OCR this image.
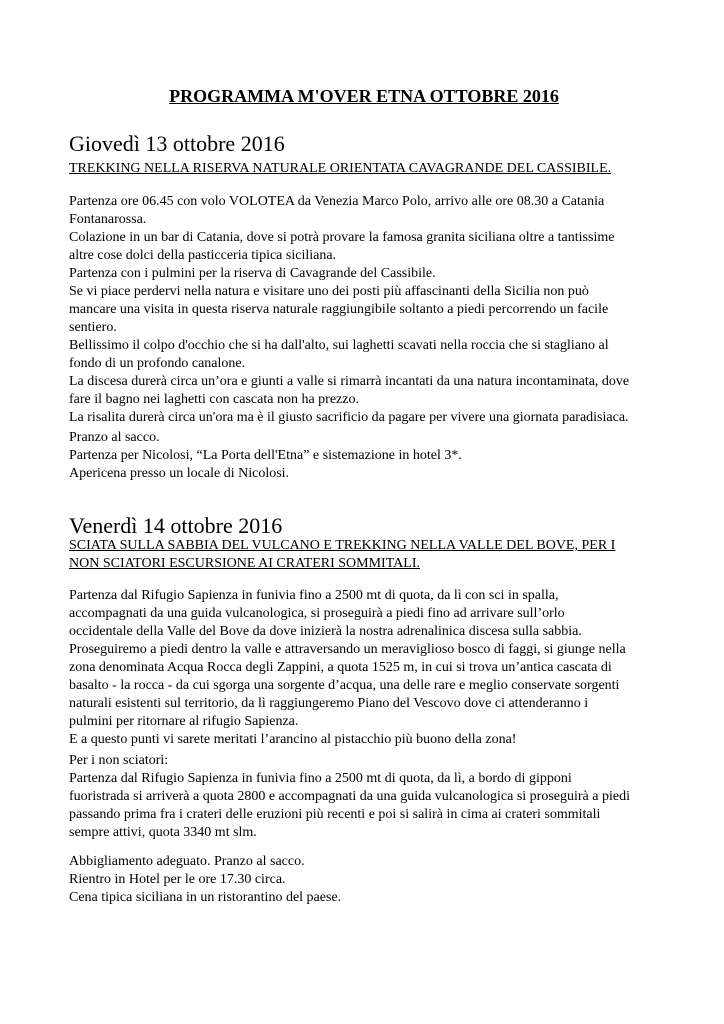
PROGRAMMA M'OVER ETNA OTTOBRE 2016
Giovedì 13 ottobre 2016

TREKKING NELLA RISERVA NATURALE ORIENTATA CAVAGRANDE DEL CASSIBILE.

Partenza ore 06.45 con volo VOLOTEA da Venezia Marco Polo, arrivo alle ore 08.30 a Catania
Fontanarossa.
Colazione in un bar di Catania, dove si potrà provare la famosa granita siciliana oltre a tantissime
altre cose dolci della pasticceria tipica siciliana.
Partenza con i pulmini per la riserva di Cavagrande del Cassibile.
Se vi piace perdervi nella natura e visitare uno dei posti più affascinanti della Sicilia non può
mancare una visita in questa riserva naturale raggiungibile soltanto a piedi percorrendo un facile
sentiero.
Bellissimo il colpo d'occhio che si ha dall'alto, sui laghetti scavati nella roccia che si stagliano al
fondo di un profondo canalone.
La discesa durerà circa un’ora e giunti a valle si rimarrà incantati da una natura incontaminata, dove
fare il bagno nei laghetti con cascata non ha prezzo.
La risalita durerà circa un'ora ma è il giusto sacrificio da pagare per vivere una giornata paradisiaca.

Pranzo al sacco.
Partenza per Nicolosi, “La Porta dell'Etna” e sistemazione in hotel 3*.
Apericena presso un locale di Nicolosi.

Venerdì 14 ottobre 2016

SCIATA SULLA SABBIA DEL VULCANO E TREKKING NELLA VALLE DEL BOVE, PER I
NON SCIATORI ESCURSIONE AI CRATERI SOMMITALI.

Partenza dal Rifugio Sapienza in funivia fino a 2500 mt di quota, da lì con sci in spalla,
accompagnati da una guida vulcanologica, si proseguirà a piedi fino ad arrivare sull’orlo
occidentale della Valle del Bove da dove inizierà la nostra adrenalinica discesa sulla sabbia.
Proseguiremo a piedi dentro la valle e attraversando un meraviglioso bosco di faggi, si giunge nella
zona denominata Acqua Rocca degli Zappini, a quota 1525 m, in cui si trova un’antica cascata di
basalto - la rocca - da cui sgorga una sorgente d’acqua, una delle rare e meglio conservate sorgenti
naturali esistenti sul territorio, da lì raggiungeremo Piano del Vescovo dove ci attenderanno i
pulmini per ritornare al rifugio Sapienza.
E a questo punti vi sarete meritati l’arancino al pistacchio più buono della zona!

Per i non sciatori:
Partenza dal Rifugio Sapienza in funivia fino a 2500 mt di quota, da lì, a bordo di gipponi
fuoristrada si arriverà a quota 2800 e accompagnati da una guida vulcanologica si proseguirà a piedi
passando prima fra i crateri delle eruzioni più recenti e poi si salirà in cima ai crateri sommitali
sempre attivi, quota 3340 mt slm.

Abbigliamento adeguato. Pranzo al sacco.
Rientro in Hotel per le ore 17.30 circa.
Cena tipica siciliana in un ristorantino del paese.
